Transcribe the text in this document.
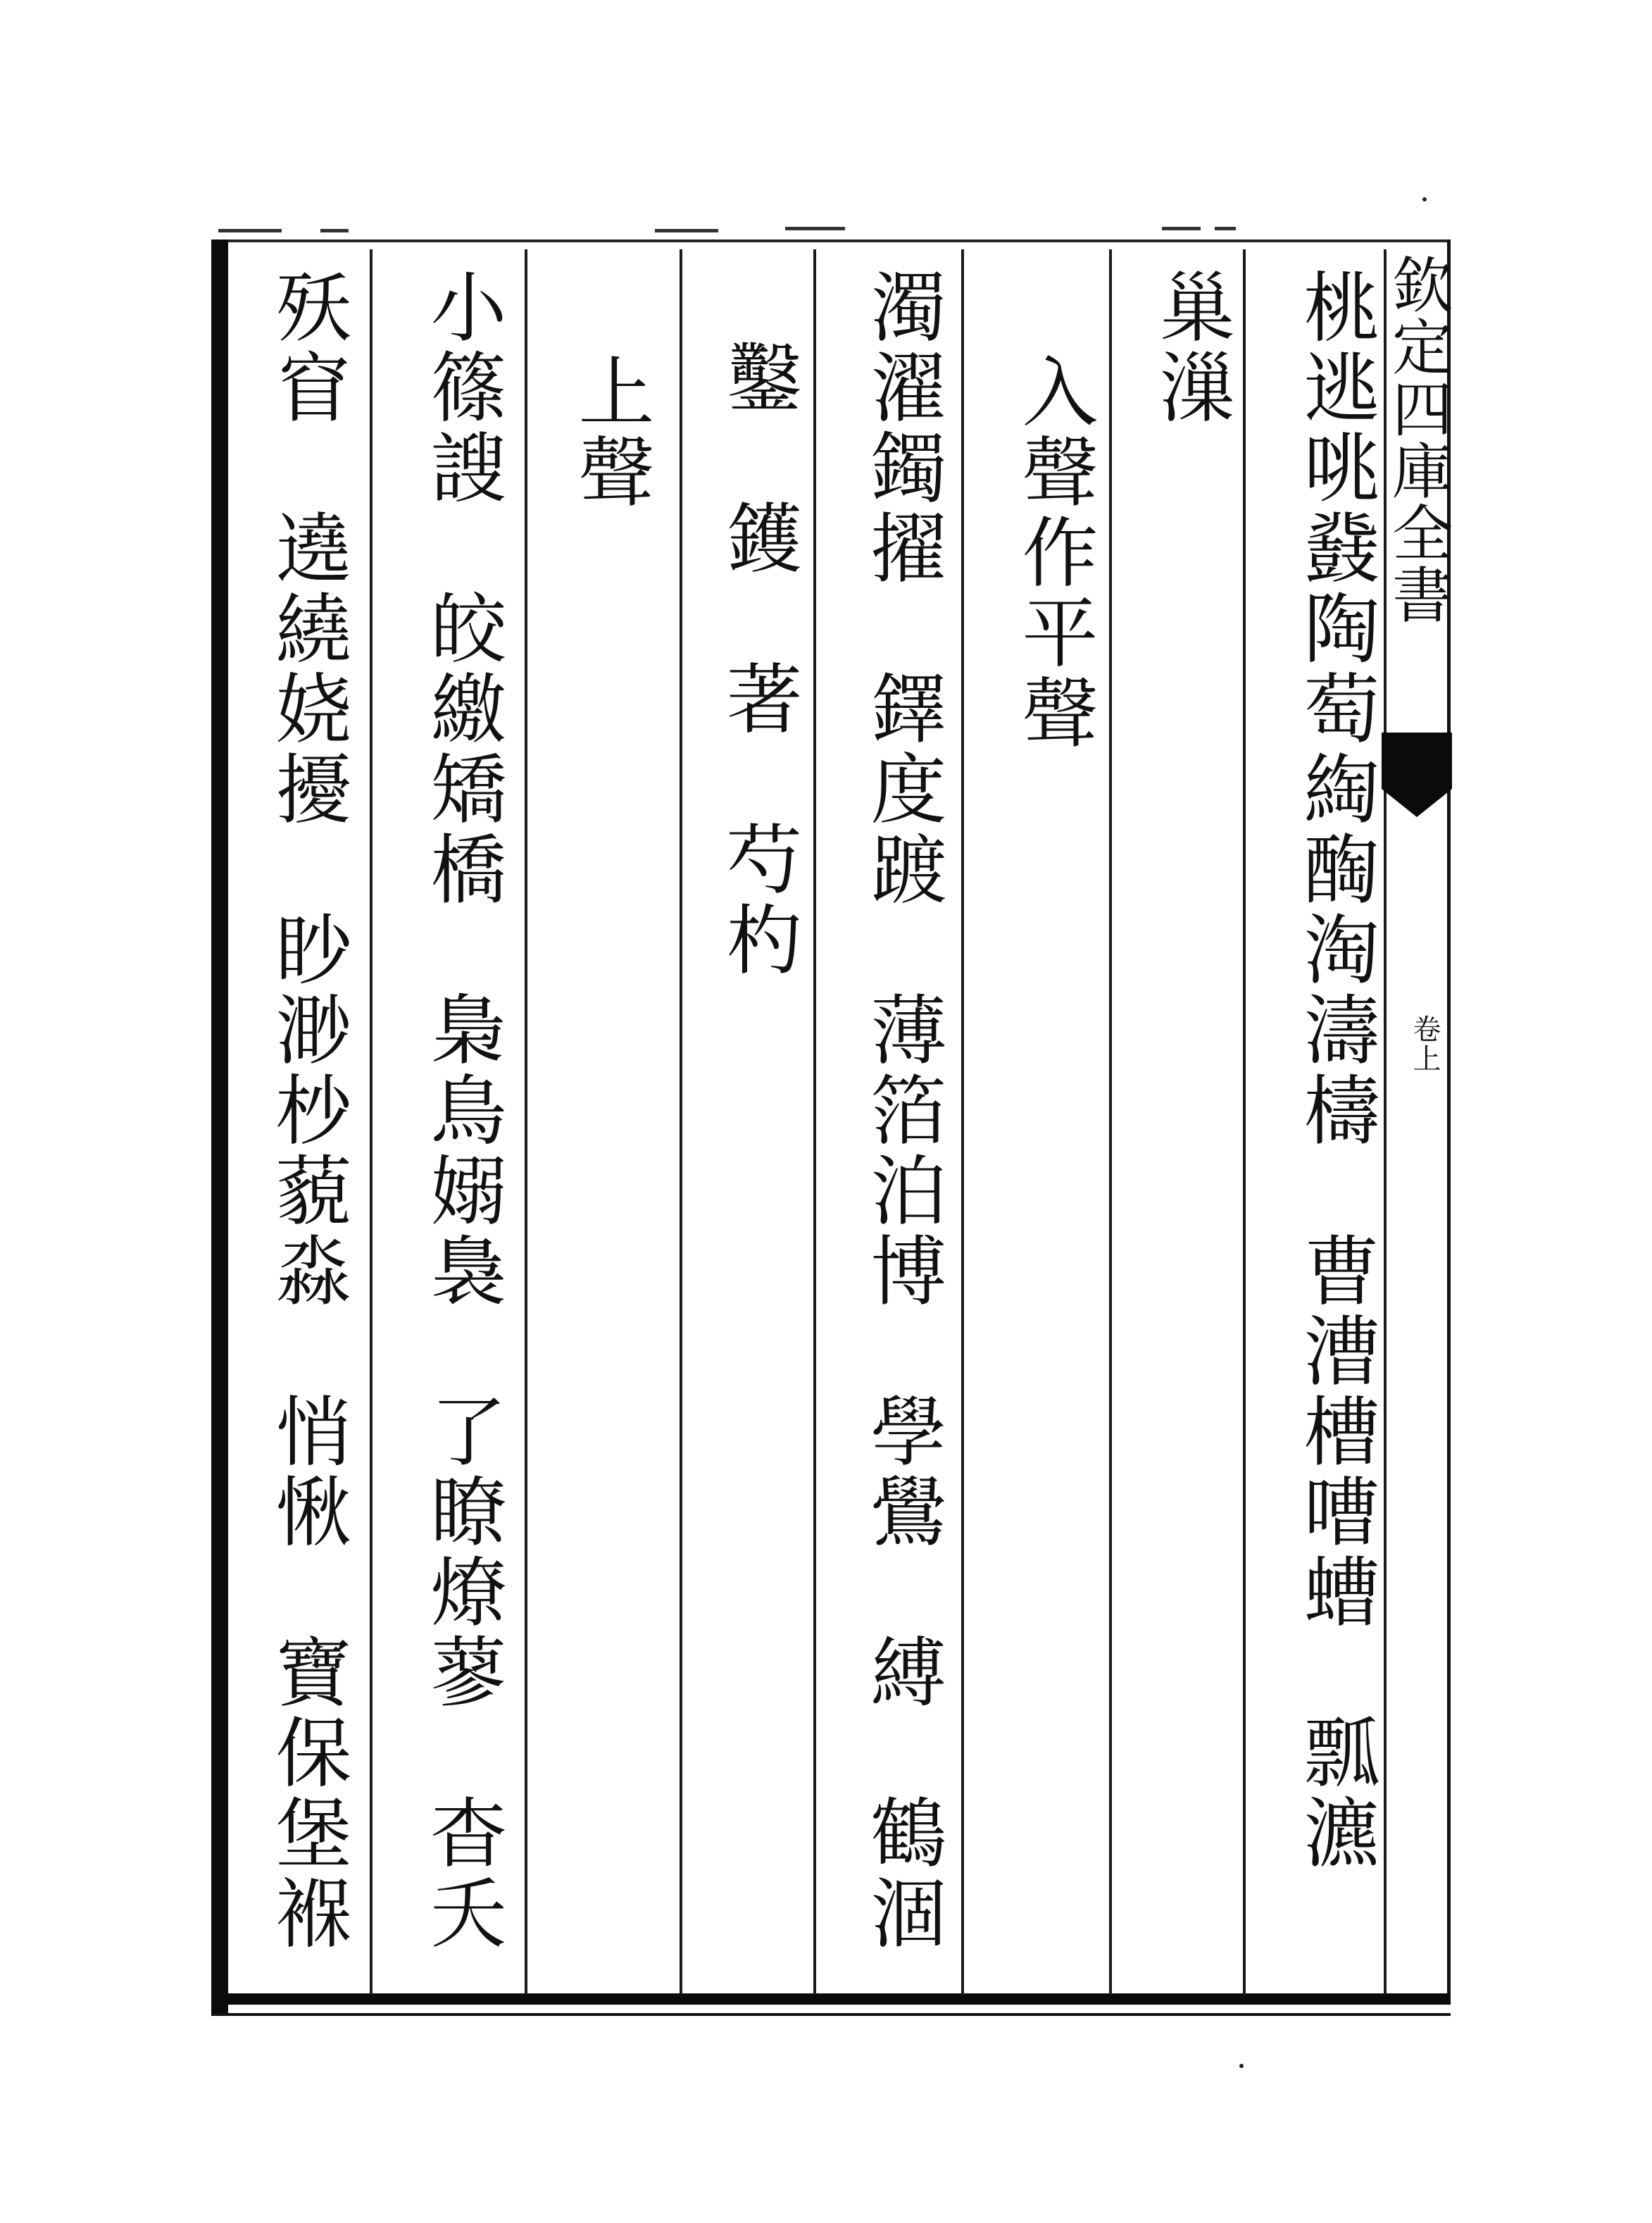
桃逃咷鼗陶萄綯醄淘濤檮　曹漕槽嘈螬　瓢瀌
巢漅
入聲作平聲
濁濯鐲擢　鐸度踱　薄箔泊博　學鷽　縛　鶴涸
鑿　鑊　著　芍杓
上聲
小篠謏　皎繳矯橋　梟鳥嫋裊　了瞭燎蓼　杳夭
殀窅　遶繞娆擾　眇渺杪藐淼　悄愀　寶保堡褓	欽定四庫全書
卷上
